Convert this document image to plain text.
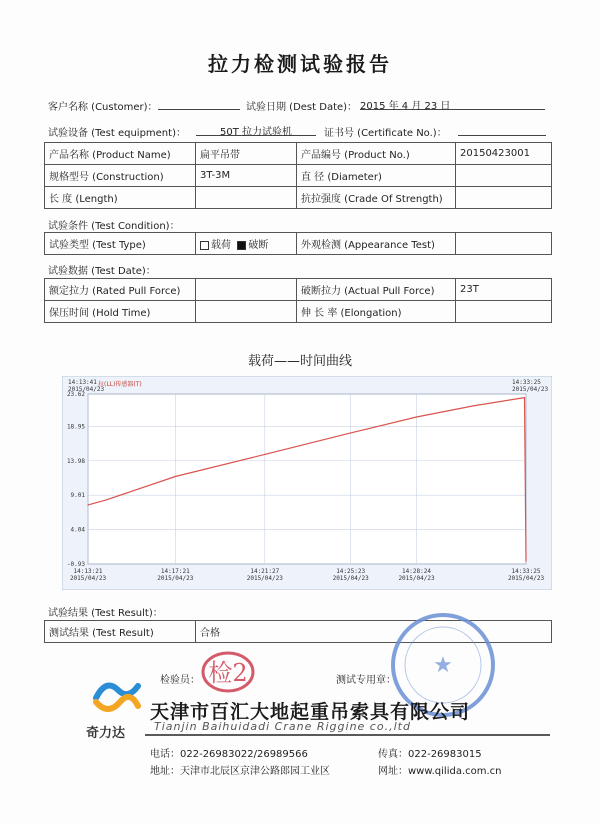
拉力检测试验报告
客户名称 (Customer)：	试验日期 (Dest Date)： 2015 年 4 月 23 日
试验设备 (Test equipment)：	50T 拉力试验机	证书号 (Certificate No.)：
产品名称 (Product Name)	扁平吊带	产品编号 (Product No.)	20150423001
规格型号 (Construction)	3T-3M	直 径 (Diameter)	
长 度 (Length)		抗拉强度 (Crade Of Strength)	
试验条件 (Test Condition)：
试验类型 (Test Type)	载荷 破断	外观检测 (Appearance Test)	
试验数据 (Test Date)：
额定拉力 (Rated Pull Force)		破断拉力 (Actual Pull Force)	23T
保压时间 (Hold Time)		伸 长 率 (Elongation)	
载荷——时间曲线
23.62
18.95
13.98
9.01
4.04
-0.93
14:13:21
2015/04/23
14:17:21
2015/04/23
14:21:27
2015/04/23
14:25:23
2015/04/23
14:28:24
2015/04/23
14:33:25
2015/04/23
14:13:41
2015/04/23
拉(LL)传感器(T)	14:33:25
2015/04/23
试验结果 (Test Result)：
测试结果 (Test Result)	合格
检验员： 检2	测试专用章：
★
奇力达
天津市百汇大地起重吊索具有限公司
Tianjin Baihuidadi Crane Riggine co.,ltd
电话：022-26983022/26989566	传真：022-26983015
地址：天津市北辰区京津公路郎园工业区	网址：www.qilida.com.cn
